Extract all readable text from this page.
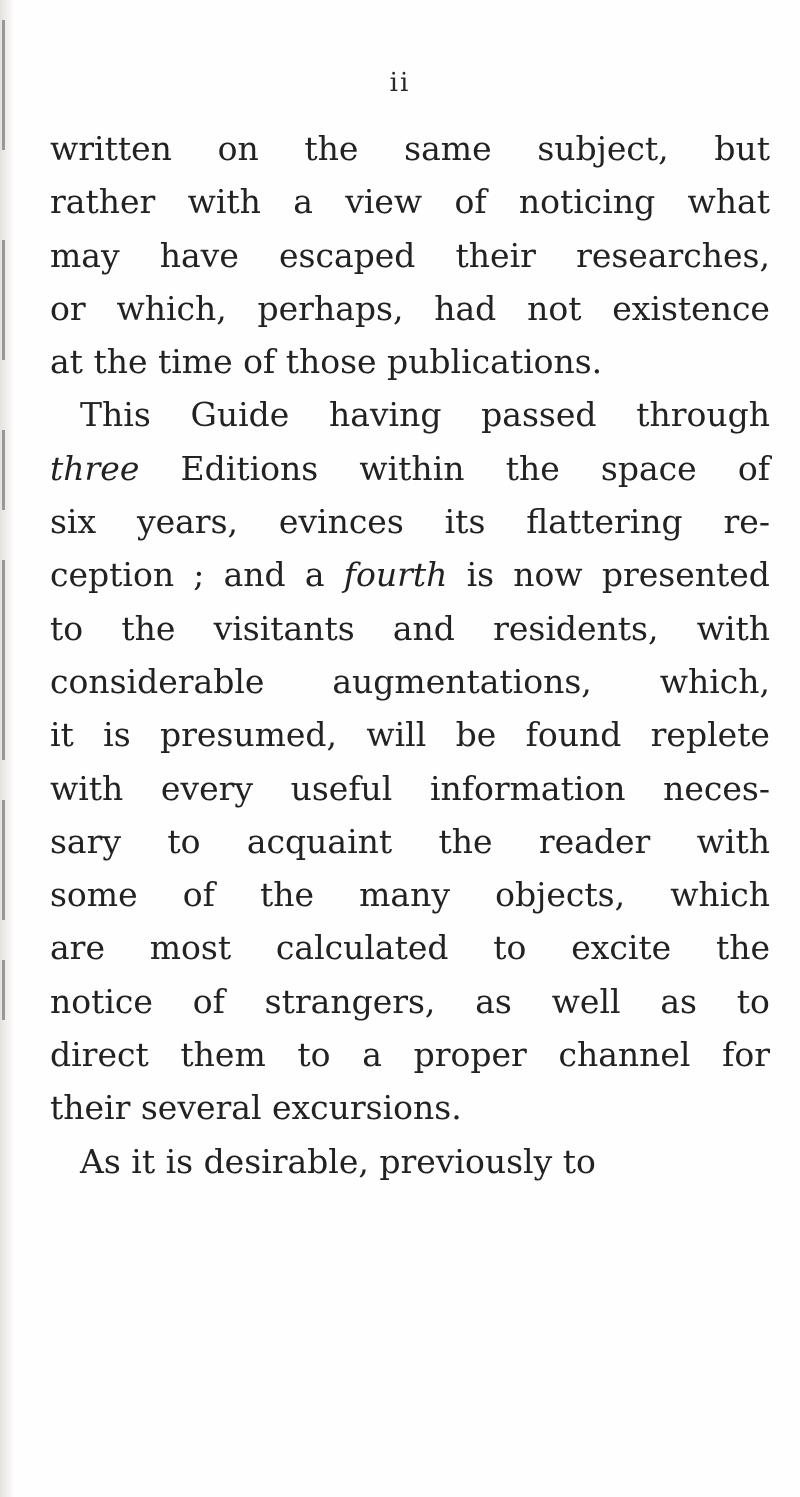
ii
written on the same subject, but
rather with a view of noticing what
may have escaped their researches,
or which, perhaps, had not existence
at the time of those publications.
This Guide having passed through
three Editions within the space of
six years, evinces its flattering re-
ception ; and a fourth is now presented
to the visitants and residents, with
considerable augmentations, which,
it is presumed, will be found replete
with every useful information neces-
sary to acquaint the reader with
some of the many objects, which
are most calculated to excite the
notice of strangers, as well as to
direct them to a proper channel for
their several excursions.
As it is desirable, previously to
